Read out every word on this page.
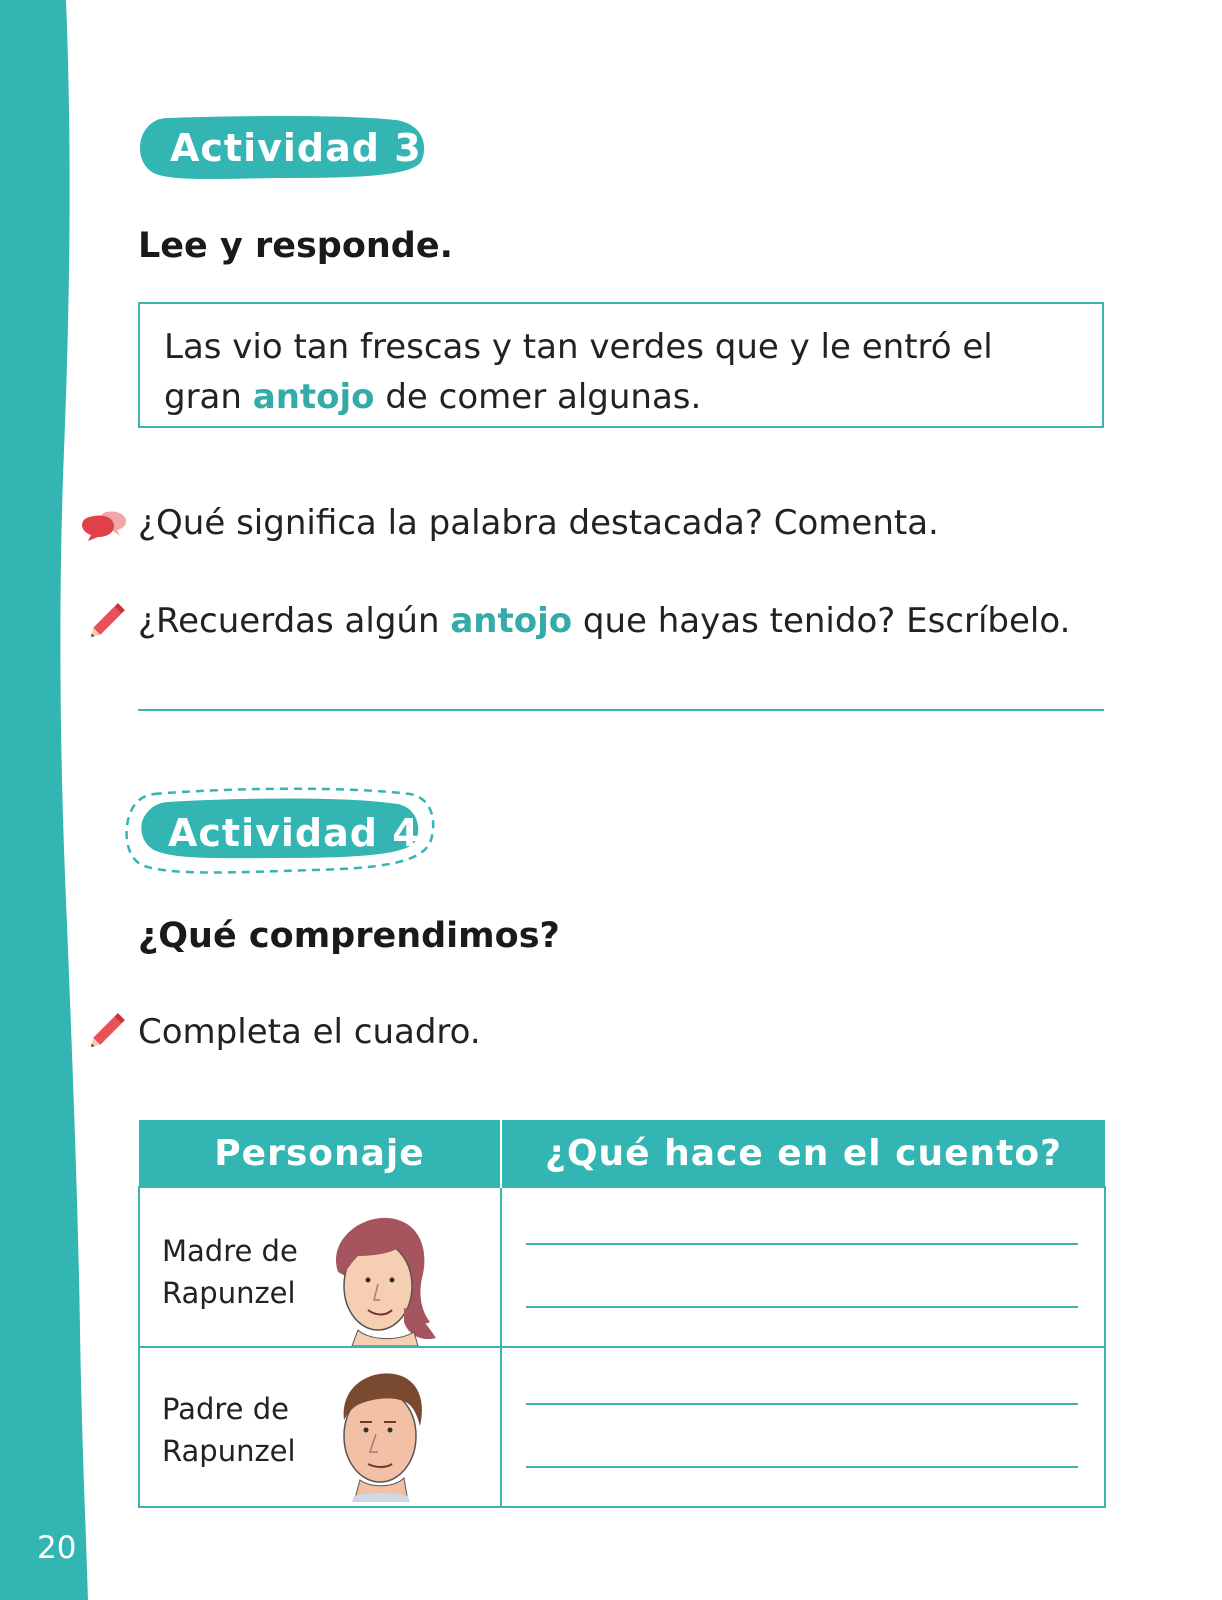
20
Actividad 3
Lee y responde.
Las vio tan frescas y tan verdes que y le entró el gran antojo de comer algunas.
¿Qué significa la palabra destacada? Comenta.
¿Recuerdas algún antojo que hayas tenido? Escríbelo.
Actividad 4
¿Qué comprendimos?
Completa el cuadro.
Personaje	¿Qué hace en el cuento?

Madre de
Rapunzel	

Padre de
Rapunzel	
